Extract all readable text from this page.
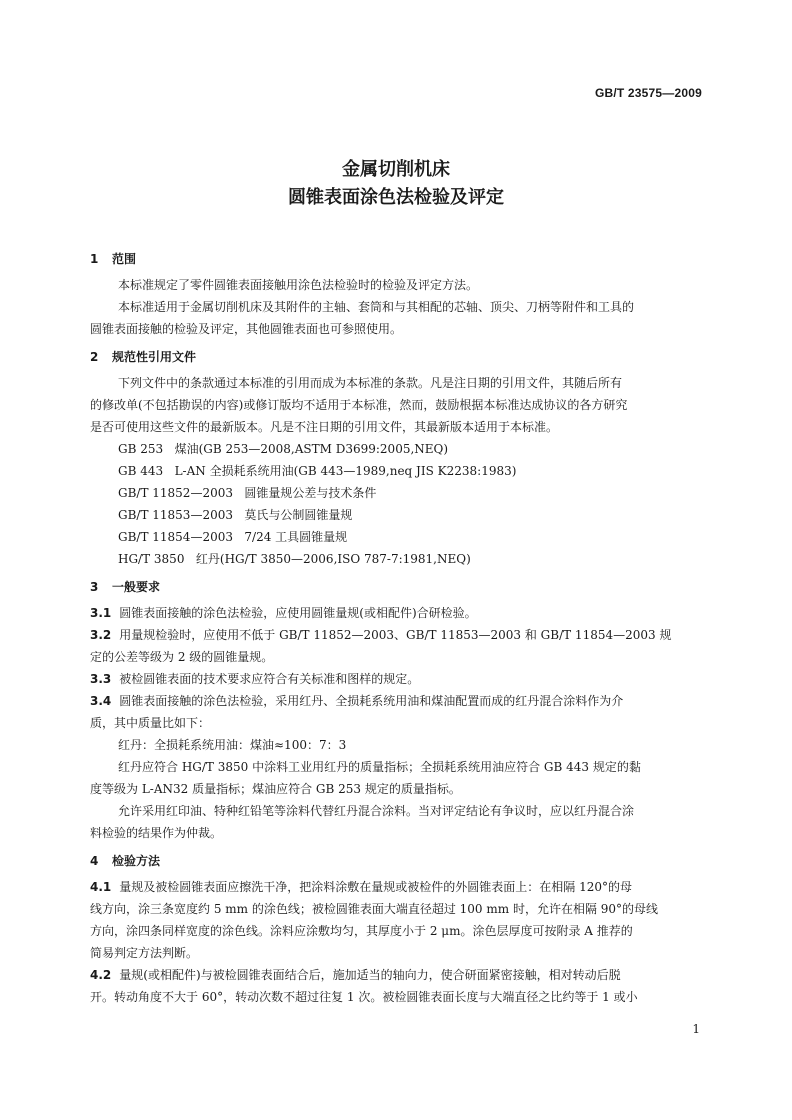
GB/T 23575—2009
金属切削机床
圆锥表面涂色法检验及评定

1 范围

本标准规定了零件圆锥表面接触用涂色法检验时的检验及评定方法。

本标准适用于金属切削机床及其附件的主轴、套筒和与其相配的芯轴、顶尖、刀柄等附件和工具的

圆锥表面接触的检验及评定，其他圆锥表面也可参照使用。

2 规范性引用文件

下列文件中的条款通过本标准的引用而成为本标准的条款。凡是注日期的引用文件，其随后所有

的修改单(不包括勘误的内容)或修订版均不适用于本标准，然而，鼓励根据本标准达成协议的各方研究

是否可使用这些文件的最新版本。凡是不注日期的引用文件，其最新版本适用于本标准。

GB 253   煤油(GB 253—2008,ASTM D3699:2005,NEQ)

GB 443   L-AN 全损耗系统用油(GB 443—1989,neq JIS K2238:1983)

GB/T 11852—2003   圆锥量规公差与技术条件

GB/T 11853—2003   莫氏与公制圆锥量规

GB/T 11854—2003   7/24 工具圆锥量规

HG/T 3850   红丹(HG/T 3850—2006,ISO 787-7:1981,NEQ)

3 一般要求

3.1 圆锥表面接触的涂色法检验，应使用圆锥量规(或相配件)合研检验。

3.2 用量规检验时，应使用不低于 GB/T 11852—2003、GB/T 11853—2003 和 GB/T 11854—2003 规

定的公差等级为 2 级的圆锥量规。

3.3 被检圆锥表面的技术要求应符合有关标准和图样的规定。

3.4 圆锥表面接触的涂色法检验，采用红丹、全损耗系统用油和煤油配置而成的红丹混合涂料作为介

质，其中质量比如下：

红丹：全损耗系统用油：煤油≈100：7：3

红丹应符合 HG/T 3850 中涂料工业用红丹的质量指标；全损耗系统用油应符合 GB 443 规定的黏

度等级为 L-AN32 质量指标；煤油应符合 GB 253 规定的质量指标。

允许采用红印油、特种红铅笔等涂料代替红丹混合涂料。当对评定结论有争议时，应以红丹混合涂

料检验的结果作为仲裁。

4 检验方法

4.1 量规及被检圆锥表面应擦洗干净，把涂料涂敷在量规或被检件的外圆锥表面上：在相隔 120°的母

线方向，涂三条宽度约 5 mm 的涂色线；被检圆锥表面大端直径超过 100 mm 时，允许在相隔 90°的母线

方向，涂四条同样宽度的涂色线。涂料应涂敷均匀，其厚度小于 2 μm。涂色层厚度可按附录 A 推荐的

简易判定方法判断。

4.2 量规(或相配件)与被检圆锥表面结合后，施加适当的轴向力，使合研面紧密接触，相对转动后脱

开。转动角度不大于 60°，转动次数不超过往复 1 次。被检圆锥表面长度与大端直径之比约等于 1 或小

1
